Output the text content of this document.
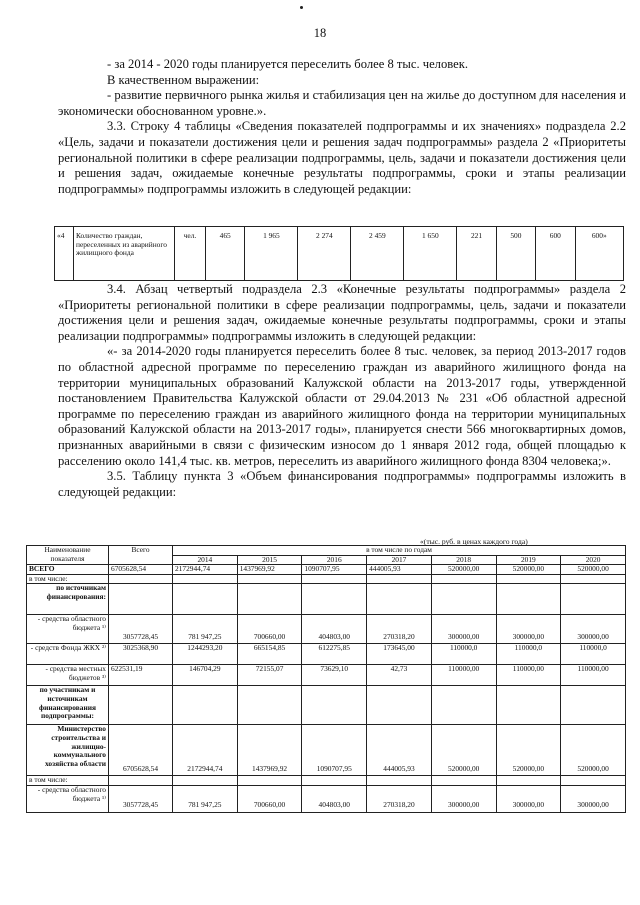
18

- за 2014 - 2020 годы планируется переселить более 8 тыс. человек.

В качественном выражении:

- развитие первичного рынка жилья и стабилизация цен на жилье до доступном для населения и экономически обоснованном уровне.».

3.3. Строку 4 таблицы «Сведения показателей подпрограммы и их значениях» подраздела 2.2 «Цель, задачи и показатели достижения цели и решения задач подпрограммы» раздела 2 «Приоритеты региональной политики в сфере реализации подпрограммы, цель, задачи и показатели достижения цели и решения задач, ожидаемые конечные результаты подпрограммы, сроки и этапы реализации подпрограммы» подпрограммы изложить в следующей редакции:

«4	Количество граждан, переселенных из аварийного жилищного фонда	чел.	465	1 965	2 274	2 459	1 650	221	500	600	600»

3.4. Абзац четвертый подраздела 2.3 «Конечные результаты подпрограммы» раздела 2 «Приоритеты региональной политики в сфере реализации подпрограммы, цель, задачи и показатели достижения цели и решения задач, ожидаемые конечные результаты подпрограммы, сроки и этапы реализации подпрограммы» подпрограммы изложить в следующей редакции:

«- за 2014-2020 годы планируется переселить более 8 тыс. человек, за период 2013-2017 годов по областной адресной программе по переселению граждан из аварийного жилищного фонда на территории муниципальных образований Калужской области на 2013-2017 годы, утвержденной постановлением Правительства Калужской области от 29.04.2013 № 231 «Об областной адресной программе по переселению граждан из аварийного жилищного фонда на территории муниципальных образований Калужской области на 2013-2017 годы», планируется снести 566 многоквартирных домов, признанных аварийными в связи с физическим износом до 1 января 2012 года, общей площадью к расселению около 141,4 тыс. кв. метров, переселить из аварийного жилищного фонда 8304 человека;».

3.5. Таблицу пункта 3 «Объем финансирования подпрограммы» подпрограммы изложить в следующей редакции:

«(тыс. руб. в ценах каждого года)
Наименование показателя	Всего	в том числе по годам						
		2014	2015	2016	2017	2018	2019	2020
ВСЕГО	6705628,54	2172944,74	1437969,92	1090707,95	444005,93	520000,00	520000,00	520000,00
в том числе:								
по источникам финансирования:								
- средства областного бюджета ¹⁾	3057728,45	781 947,25	700660,00	404803,00	270318,20	300000,00	300000,00	300000,00
- средств Фонда ЖКХ ²⁾	3025368,90	1244293,20	665154,85	612275,85	173645,00	110000,0	110000,0	110000,0
- средства местных бюджетов ³⁾	622531,19	146704,29	72155,07	73629,10	42,73	110000,00	110000,00	110000,00
по участникам и источникам финансирования подпрограммы:								
Министерство строительства и жилищно-коммунального хозяйства области	6705628,54	2172944,74	1437969,92	1090707,95	444005,93	520000,00	520000,00	520000,00
в том числе:								
- средства областного бюджета ¹⁾	3057728,45	781 947,25	700660,00	404803,00	270318,20	300000,00	300000,00	300000,00
